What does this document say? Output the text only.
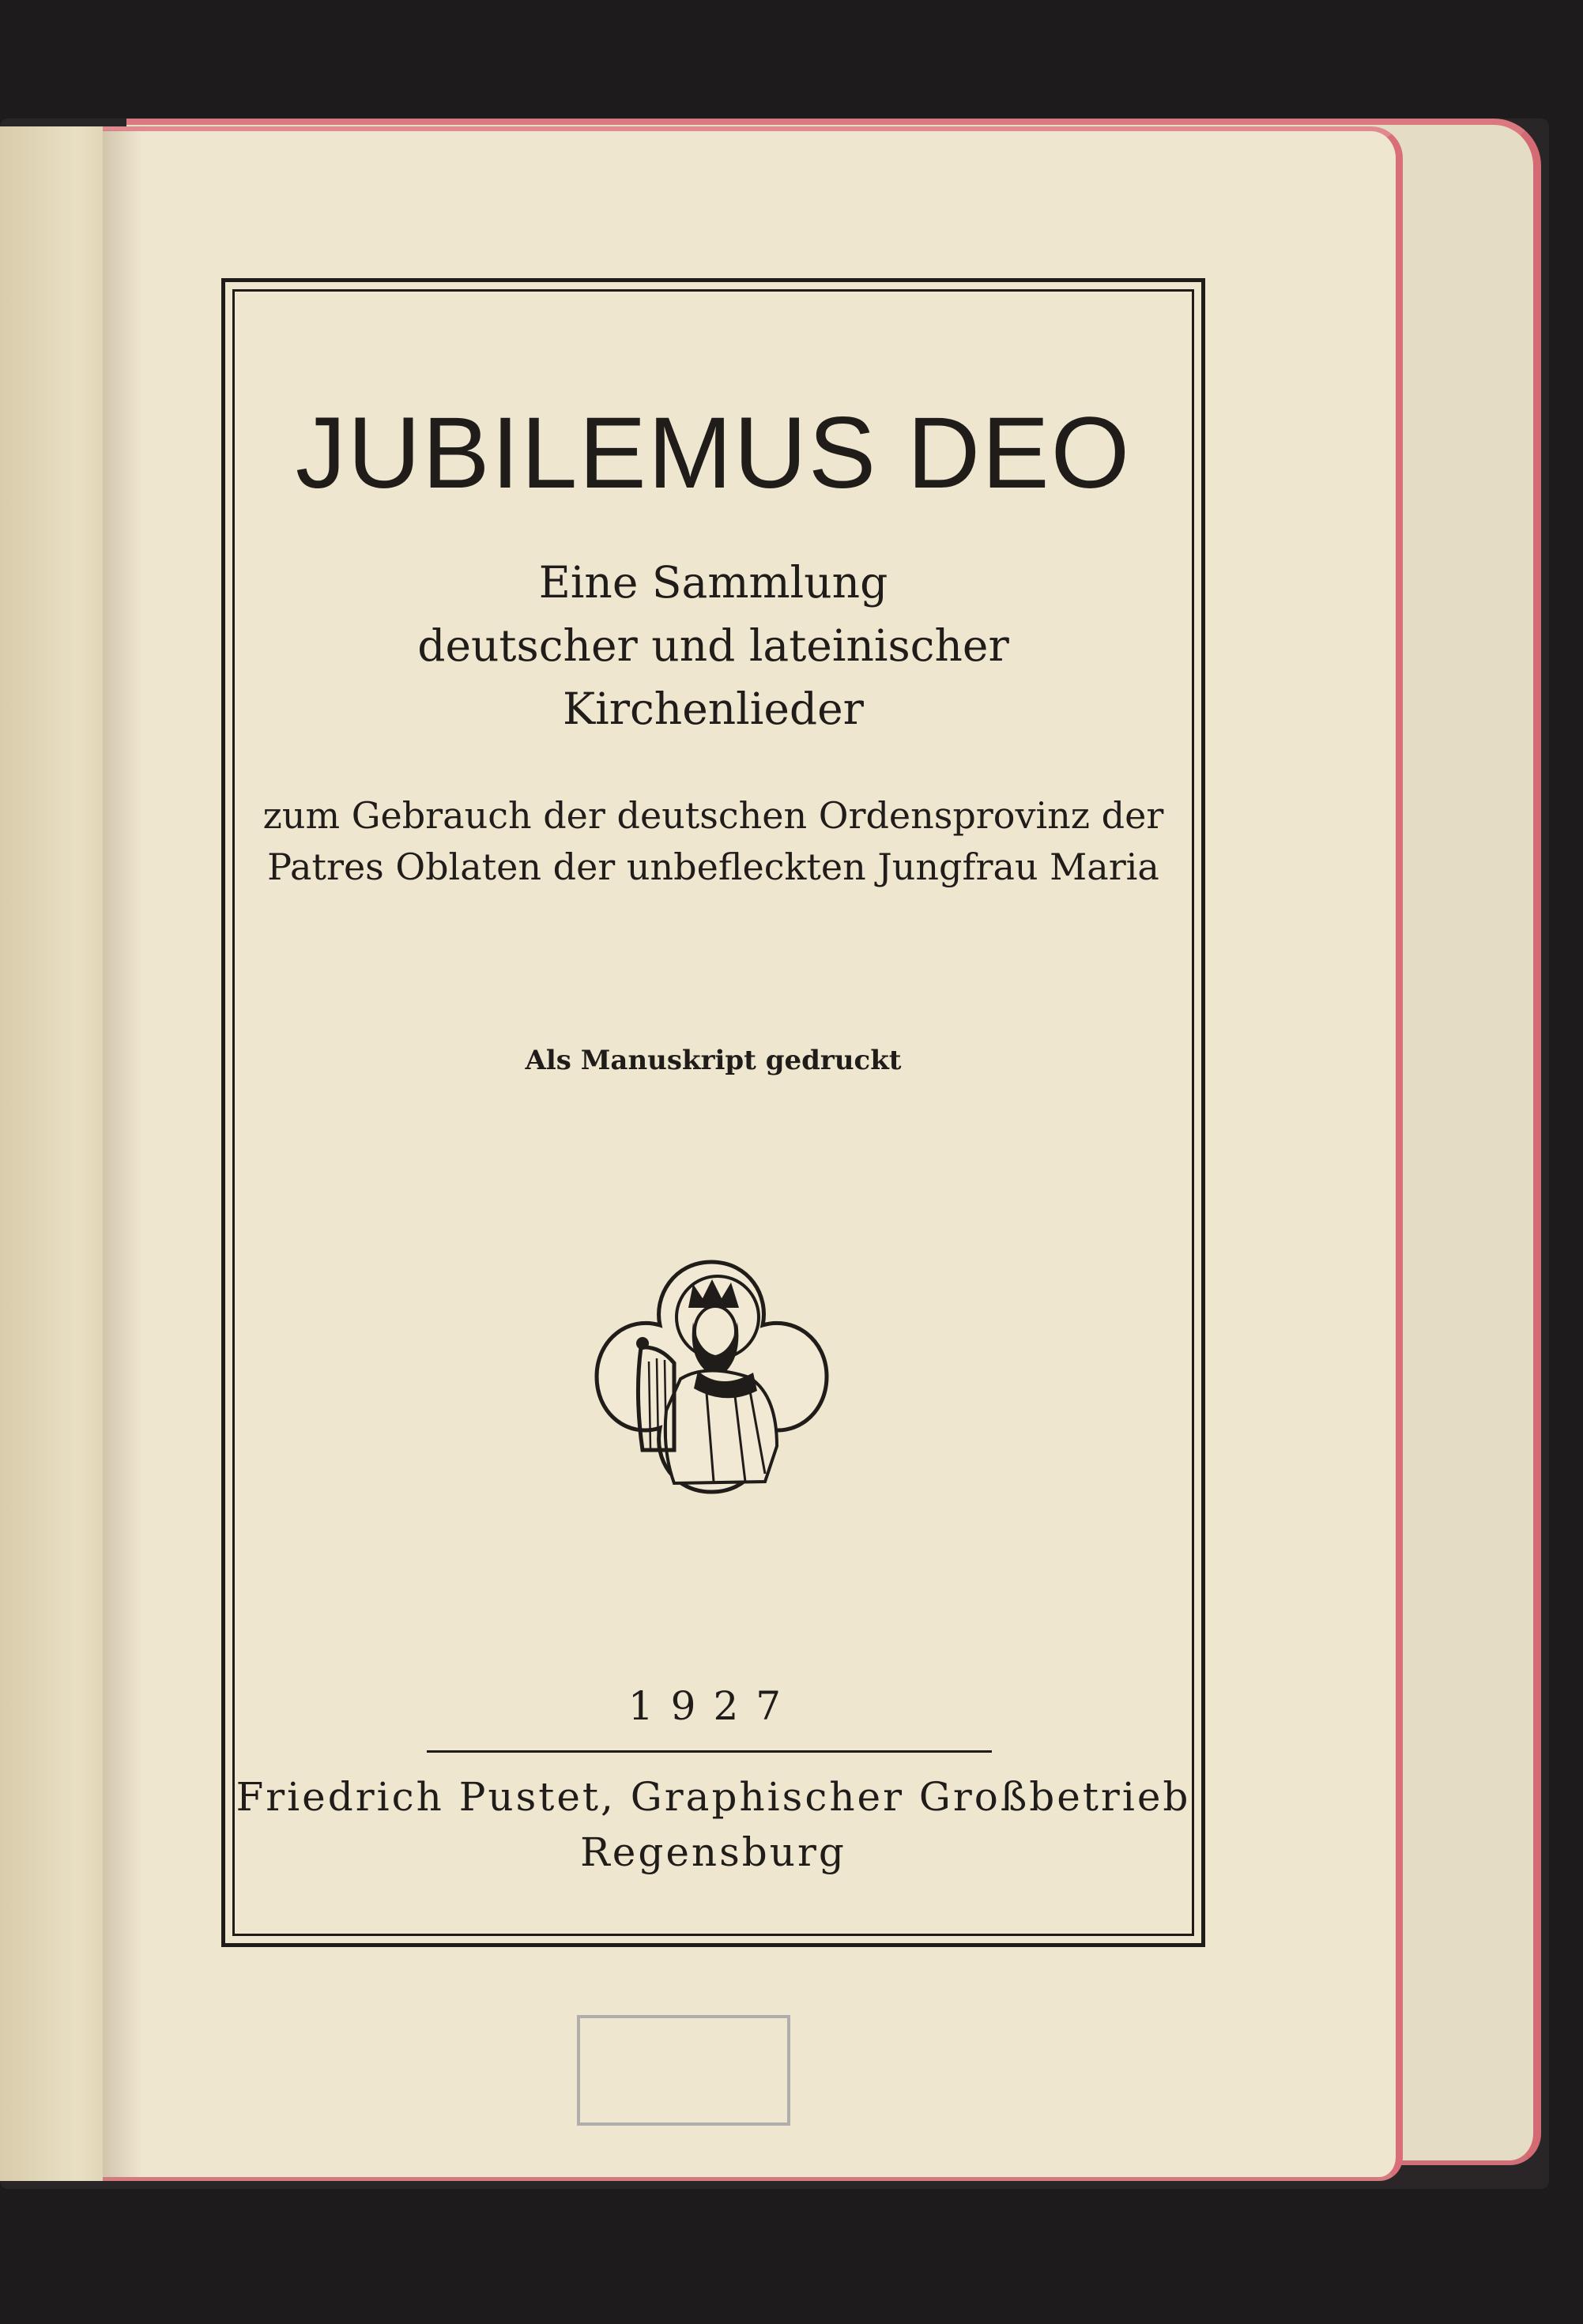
JUBILEMUS DEO
Eine Sammlung
deutscher und lateinischer
Kirchenlieder
zum Gebrauch der deutschen Ordensprovinz der
Patres Oblaten der unbefleckten Jungfrau Maria
Als Manuskript gedruckt
1927
Friedrich Pustet, Graphischer Großbetrieb
Regensburg
